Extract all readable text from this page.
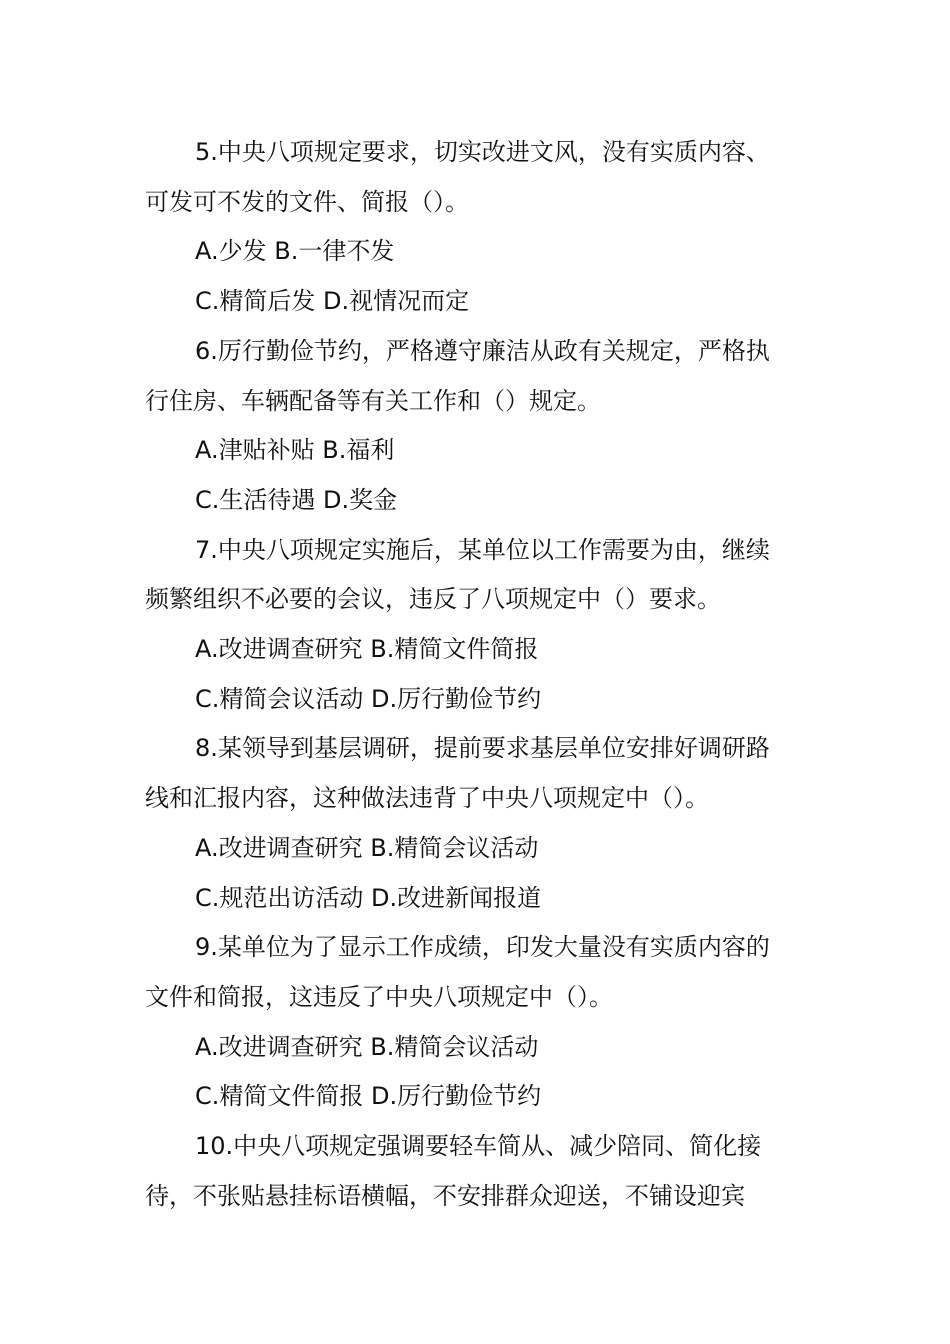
5.中央八项规定要求，切实改进文风，没有实质内容、
可发可不发的文件、简报（）。
A.少发 B.一律不发
C.精简后发 D.视情况而定
6.厉行勤俭节约，严格遵守廉洁从政有关规定，严格执
行住房、车辆配备等有关工作和（）规定。
A.津贴补贴 B.福利
C.生活待遇 D.奖金
7.中央八项规定实施后，某单位以工作需要为由，继续
频繁组织不必要的会议，违反了八项规定中（）要求。
A.改进调查研究 B.精简文件简报
C.精简会议活动 D.厉行勤俭节约
8.某领导到基层调研，提前要求基层单位安排好调研路
线和汇报内容，这种做法违背了中央八项规定中（）。
A.改进调查研究 B.精简会议活动
C.规范出访活动 D.改进新闻报道
9.某单位为了显示工作成绩，印发大量没有实质内容的
文件和简报，这违反了中央八项规定中（）。
A.改进调查研究 B.精简会议活动
C.精简文件简报 D.厉行勤俭节约
10.中央八项规定强调要轻车简从、减少陪同、简化接
待，不张贴悬挂标语横幅，不安排群众迎送，不铺设迎宾
